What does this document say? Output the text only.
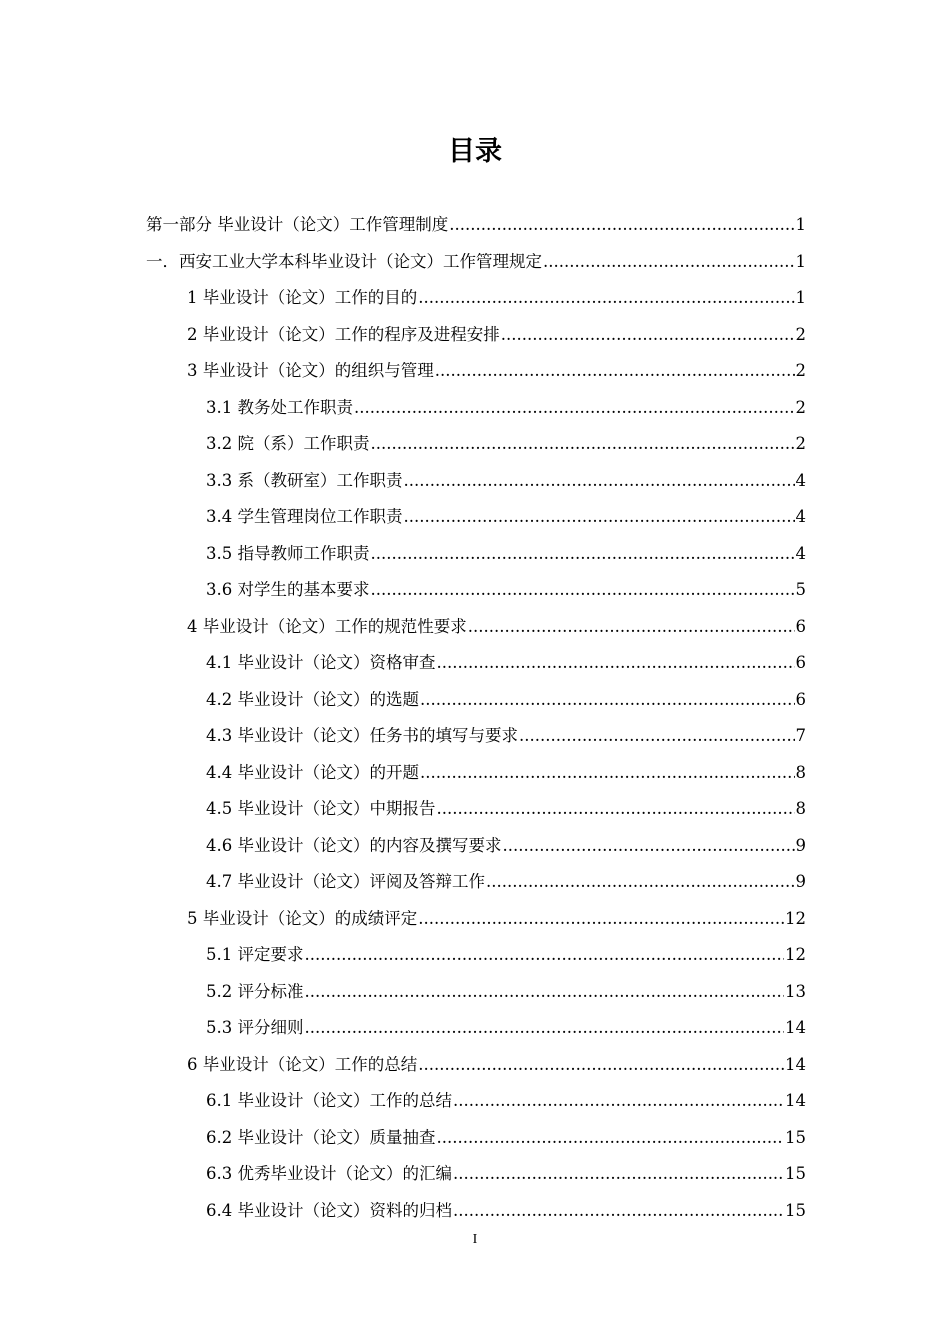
目录
第一部分 毕业设计（论文）工作管理制度 .....	1
一．西安工业大学本科毕业设计（论文）工作管理规定 .....	1
1 毕业设计（论文）工作的目的 .....	1
2 毕业设计（论文）工作的程序及进程安排 .....	2
3 毕业设计（论文）的组织与管理 .....	2
3.1 教务处工作职责 .....	2
3.2 院（系）工作职责 .....	2
3.3 系（教研室）工作职责 .....	4
3.4 学生管理岗位工作职责 .....	4
3.5 指导教师工作职责 .....	4
3.6 对学生的基本要求 .....	5
4 毕业设计（论文）工作的规范性要求 .....	6
4.1 毕业设计（论文）资格审查 .....	6
4.2 毕业设计（论文）的选题 .....	6
4.3 毕业设计（论文）任务书的填写与要求 .....	7
4.4 毕业设计（论文）的开题 .....	8
4.5 毕业设计（论文）中期报告 .....	8
4.6 毕业设计（论文）的内容及撰写要求 .....	9
4.7 毕业设计（论文）评阅及答辩工作 .....	9
5 毕业设计（论文）的成绩评定 .....	12
5.1 评定要求 .....	12
5.2 评分标准 .....	13
5.3 评分细则 .....	14
6 毕业设计（论文）工作的总结 .....	14
6.1 毕业设计（论文）工作的总结 .....	14
6.2 毕业设计（论文）质量抽查 .....	15
6.3 优秀毕业设计（论文）的汇编 .....	15
6.4 毕业设计（论文）资料的归档 .....	15
I
